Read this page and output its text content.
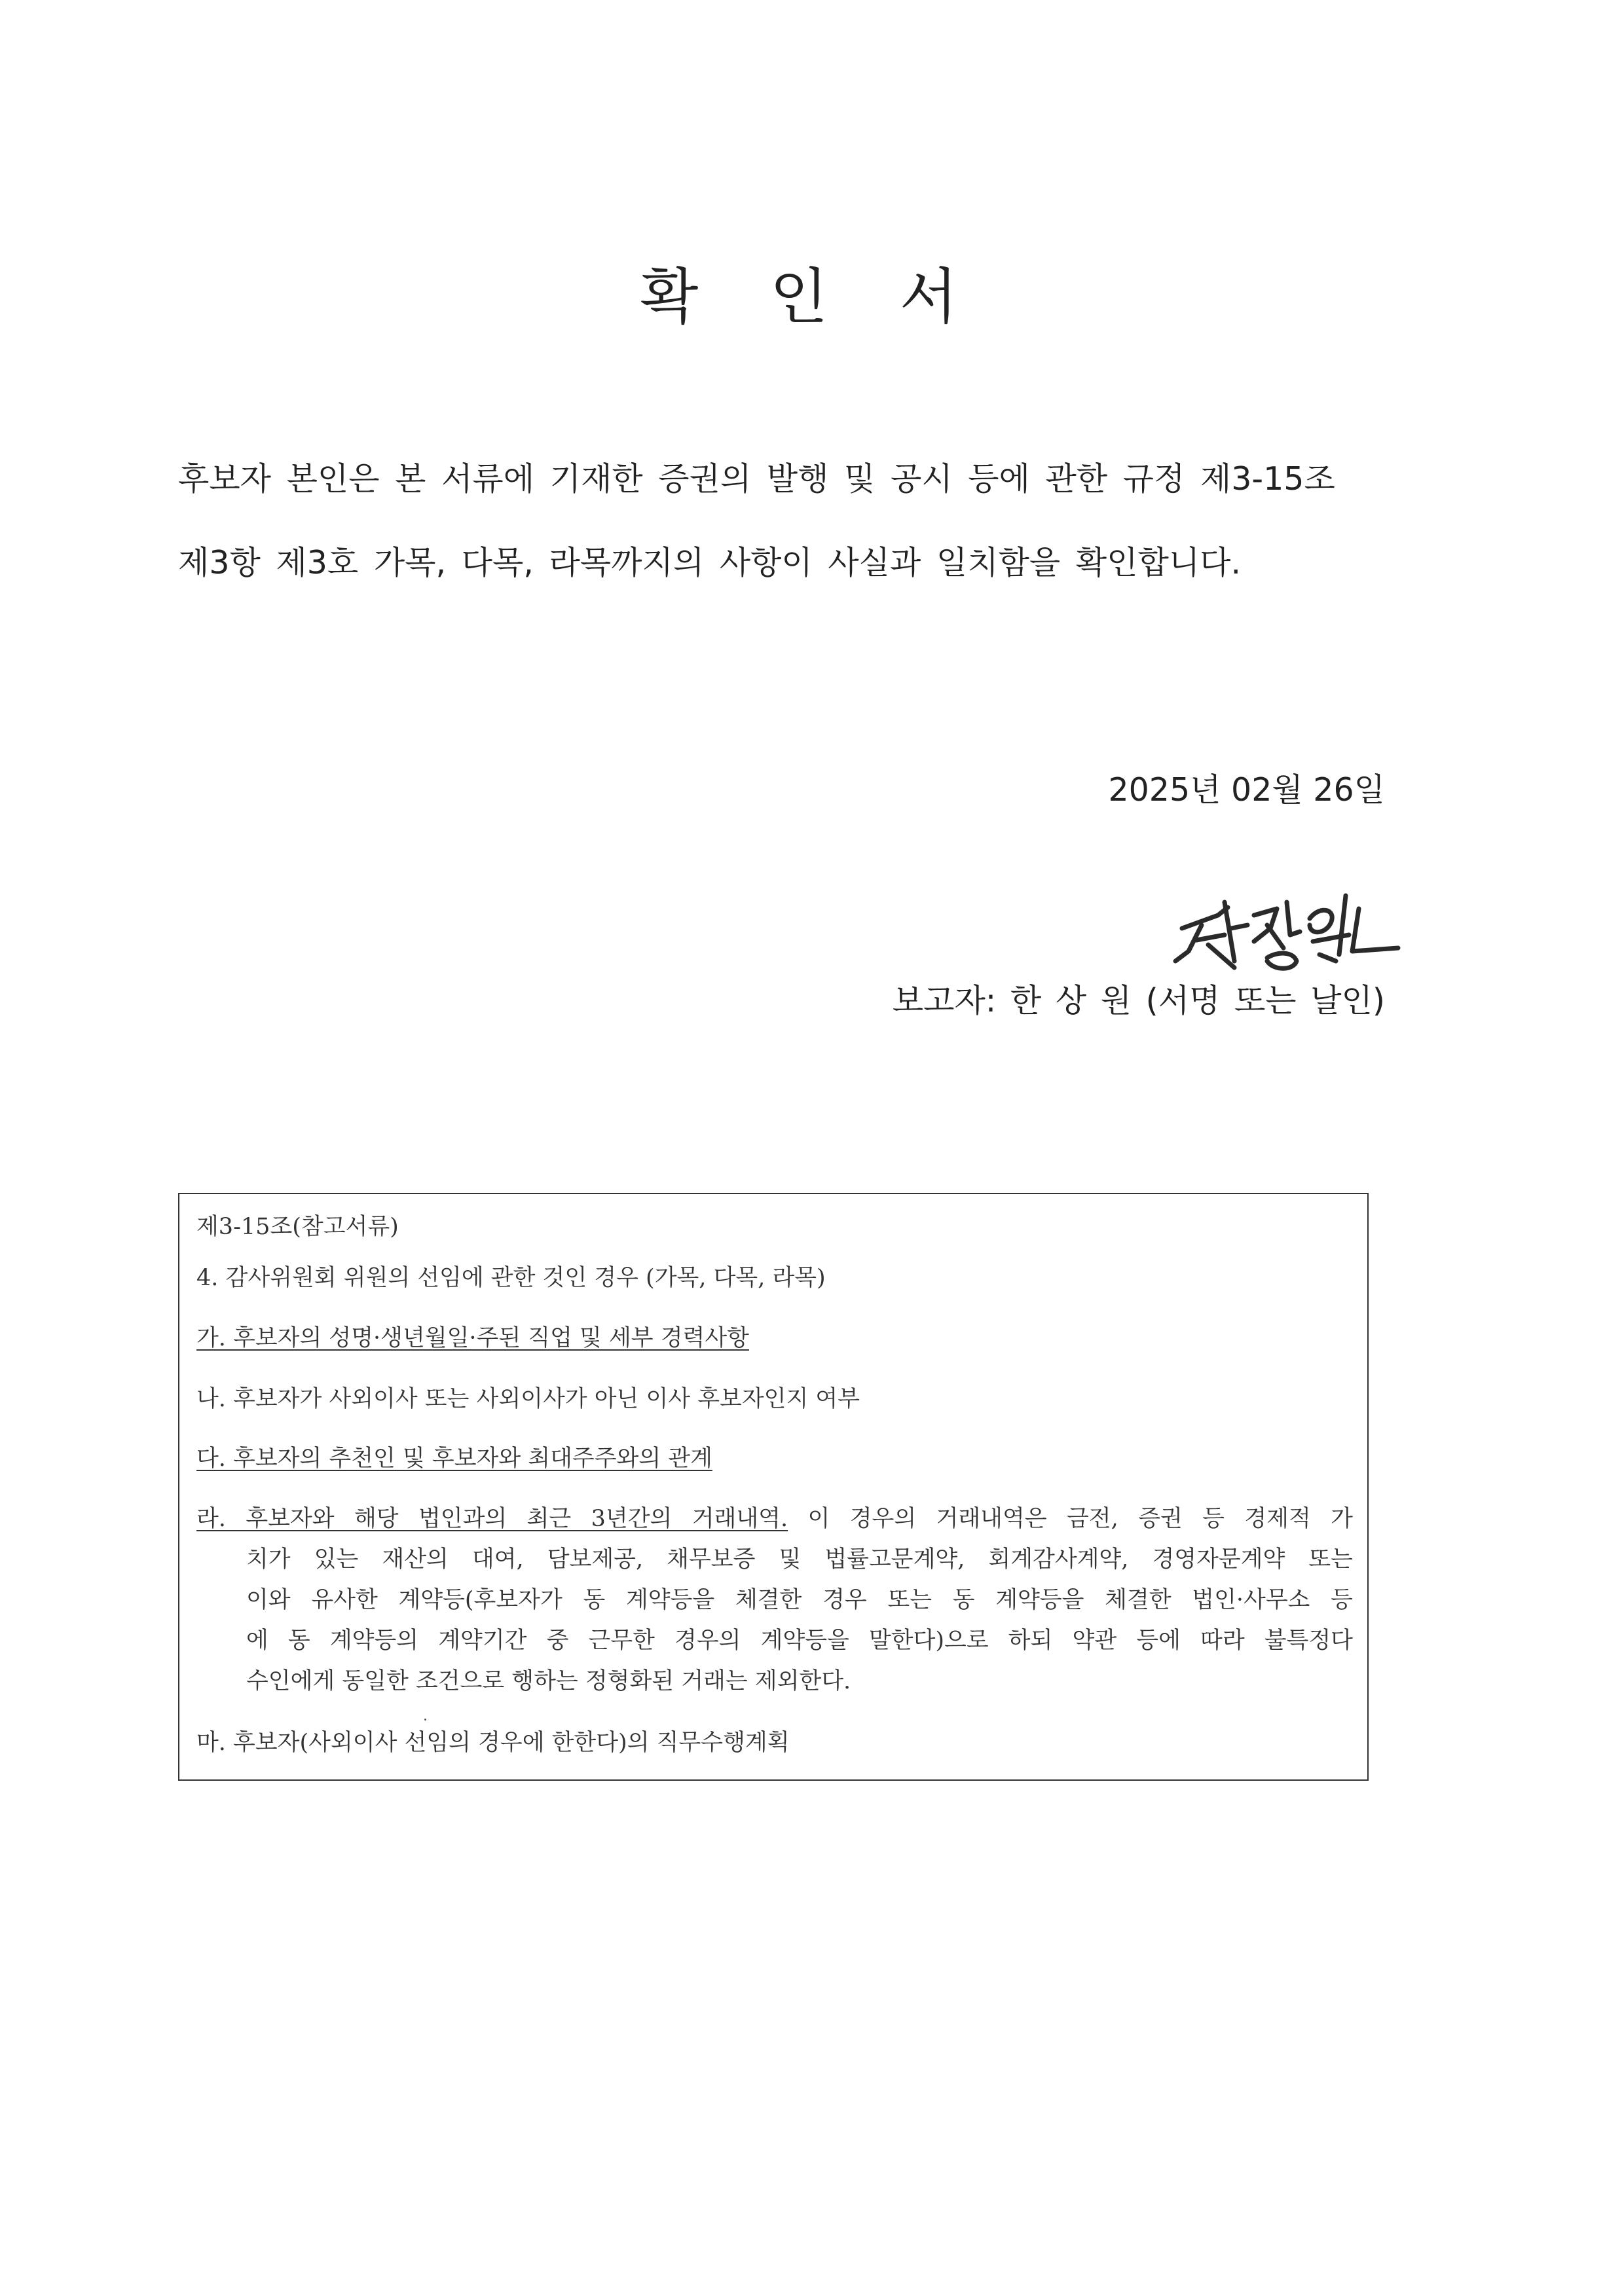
확 인 서
후보자 본인은 본 서류에 기재한 증권의 발행 및 공시 등에 관한 규정 제3-15조
제3항 제3호 가목, 다목, 라목까지의 사항이 사실과 일치함을 확인합니다.
2025년 02월 26일
보고자: 한 상 원 (서명 또는 날인)
제3-15조(참고서류)
4. 감사위원회 위원의 선임에 관한 것인 경우 (가목, 다목, 라목)
가. 후보자의 성명·생년월일·주된 직업 및 세부 경력사항
나. 후보자가 사외이사 또는 사외이사가 아닌 이사 후보자인지 여부
다. 후보자의 추천인 및 후보자와 최대주주와의 관계
라. 후보자와 해당 법인과의 최근 3년간의 거래내역. 이 경우의 거래내역은 금전, 증권 등 경제적 가
치가 있는 재산의 대여, 담보제공, 채무보증 및 법률고문계약, 회계감사계약, 경영자문계약 또는
이와 유사한 계약등(후보자가 동 계약등을 체결한 경우 또는 동 계약등을 체결한 법인·사무소 등
에 동 계약등의 계약기간 중 근무한 경우의 계약등을 말한다)으로 하되 약관 등에 따라 불특정다
수인에게 동일한 조건으로 행하는 정형화된 거래는 제외한다.
마. 후보자(사외이사 선임의 경우에 한한다)의 직무수행계획
